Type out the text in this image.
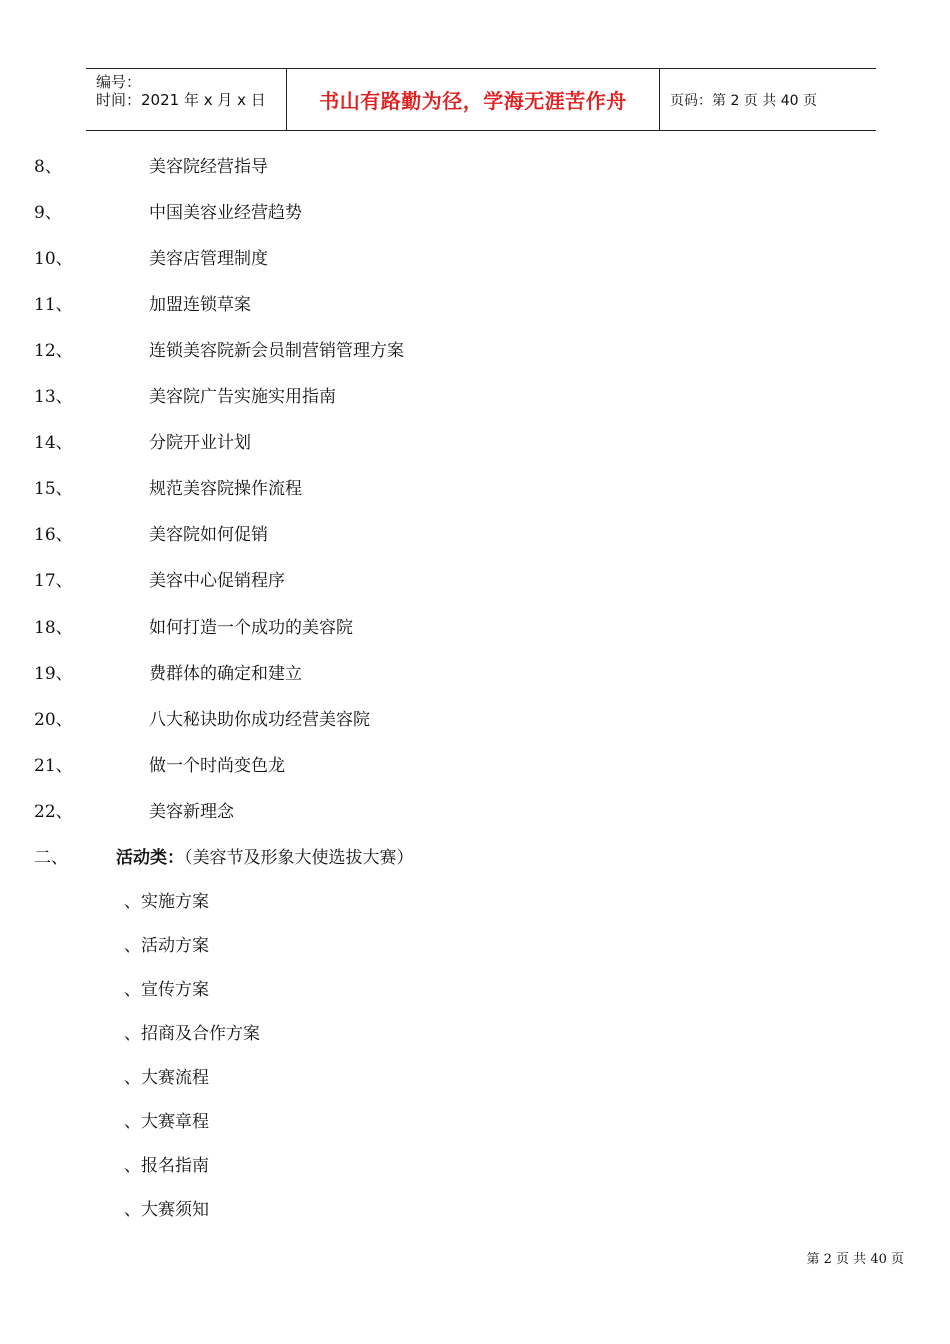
编号：
时间：2021 年 x 月 x 日	书山有路勤为径，学海无涯苦作舟	页码：第 2 页 共 40 页
8、	美容院经营指导
9、	中国美容业经营趋势
10、	美容店管理制度
11、	加盟连锁草案
12、	连锁美容院新会员制营销管理方案
13、	美容院广告实施实用指南
14、	分院开业计划
15、	规范美容院操作流程
16、	美容院如何促销
17、	美容中心促销程序
18、	如何打造一个成功的美容院
19、	费群体的确定和建立
20、	八大秘诀助你成功经营美容院
21、	做一个时尚变色龙
22、	美容新理念
二、	活动类：（美容节及形象大使选拔大赛）
、实施方案
、活动方案
、宣传方案
、招商及合作方案
、大赛流程
、大赛章程
、报名指南
、大赛须知
第 2 页 共 40 页
